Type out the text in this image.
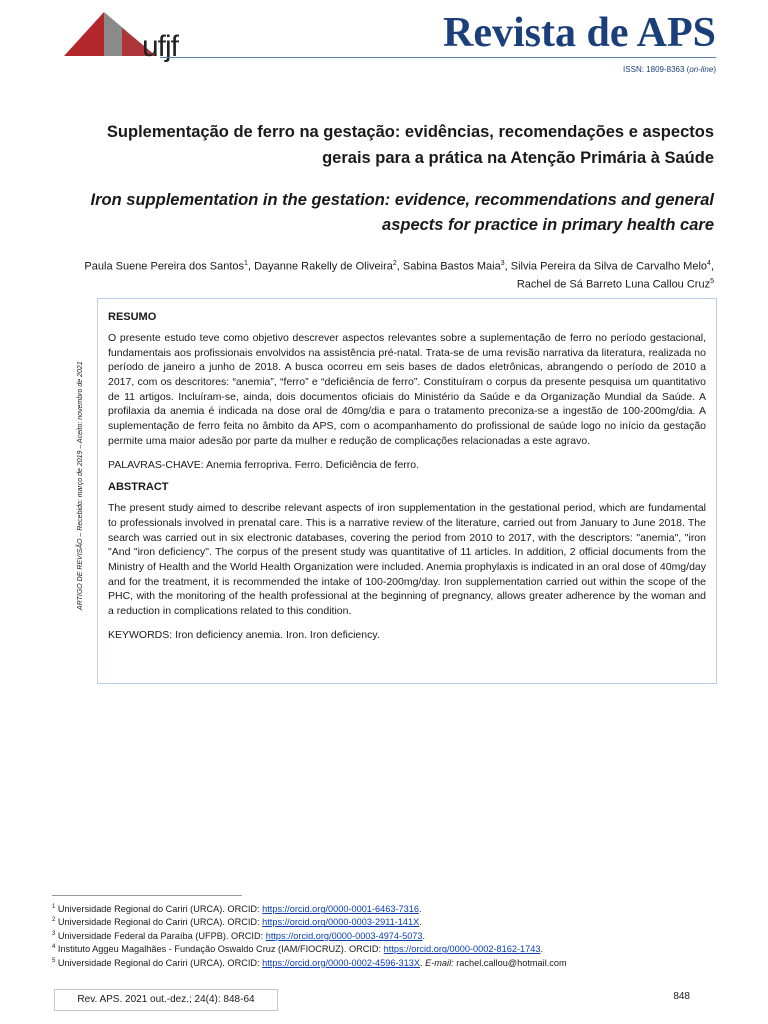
ufjf	Revista de APS
ISSN: 1809-8363 (on-line)
Suplementação de ferro na gestação: evidências, recomendações e aspectos gerais para a prática na Atenção Primária à Saúde
Iron supplementation in the gestation: evidence, recommendations and general aspects for practice in primary health care

Paula Suene Pereira dos Santos$^1$, Dayanne Rakelly de Oliveira$^2$, Sabina Bastos Maia$^3$, Silvia Pereira da Silva de Carvalho Melo$^4$, Rachel de Sá Barreto Luna Callou Cruz$^5$

ARTIGO DE REVISÃO – Recebido: março de 2019 – Aceito: novembro de 2021
RESUMO

O presente estudo teve como objetivo descrever aspectos relevantes sobre a suplementação de ferro no período gestacional, fundamentais aos profissionais envolvidos na assistência pré-natal. Trata-se de uma revisão narrativa da literatura, realizada no período de janeiro a junho de 2018. A busca ocorreu em seis bases de dados eletrônicas, abrangendo o período de 2010 a 2017, com os descritores: “anemia”, “ferro” e “deficiência de ferro”. Constituíram o corpus da presente pesquisa um quantitativo de 11 artigos. Incluíram-se, ainda, dois documentos oficiais do Ministério da Saúde e da Organização Mundial da Saúde. A profilaxia da anemia é indicada na dose oral de 40mg/dia e para o tratamento preconiza-se a ingestão de 100-200mg/dia. A suplementação de ferro feita no âmbito da APS, com o acompanhamento do profissional de saúde logo no início da gestação permite uma maior adesão por parte da mulher e redução de complicações relacionadas a este agravo.

PALAVRAS-CHAVE: Anemia ferropriva. Ferro. Deficiência de ferro.

ABSTRACT

The present study aimed to describe relevant aspects of iron supplementation in the gestational period, which are fundamental to professionals involved in prenatal care. This is a narrative review of the literature, carried out from January to June 2018. The search was carried out in six electronic databases, covering the period from 2010 to 2017, with the descriptors: "anemia", "iron "And "iron deficiency". The corpus of the present study was quantitative of 11 articles. In addition, 2 official documents from the Ministry of Health and the World Health Organization were included. Anemia prophylaxis is indicated in an oral dose of 40mg/day and for the treatment, it is recommended the intake of 100-200mg/day. Iron supplementation carried out within the scope of the PHC, with the monitoring of the health professional at the beginning of pregnancy, allows greater adherence by the woman and a reduction in complications related to this condition.

KEYWORDS: Iron deficiency anemia. Iron. Iron deficiency.

$^1$ Universidade Regional do Cariri (URCA). ORCID: https://orcid.org/0000-0001-6463-7316.
$^2$ Universidade Regional do Cariri (URCA). ORCID: https://orcid.org/0000-0003-2911-141X.
$^3$ Universidade Federal da Paraíba (UFPB). ORCID: https://orcid.org/0000-0003-4974-5073.
$^4$ Instituto Aggeu Magalhães - Fundação Oswaldo Cruz (IAM/FIOCRUZ). ORCID: https://orcid.org/0000-0002-8162-1743.
$^5$ Universidade Regional do Cariri (URCA). ORCID: https://orcid.org/0000-0002-4596-313X. E-mail: rachel.callou@hotmail.com
Rev. APS. 2021 out.-dez.; 24(4): 848-64	848
